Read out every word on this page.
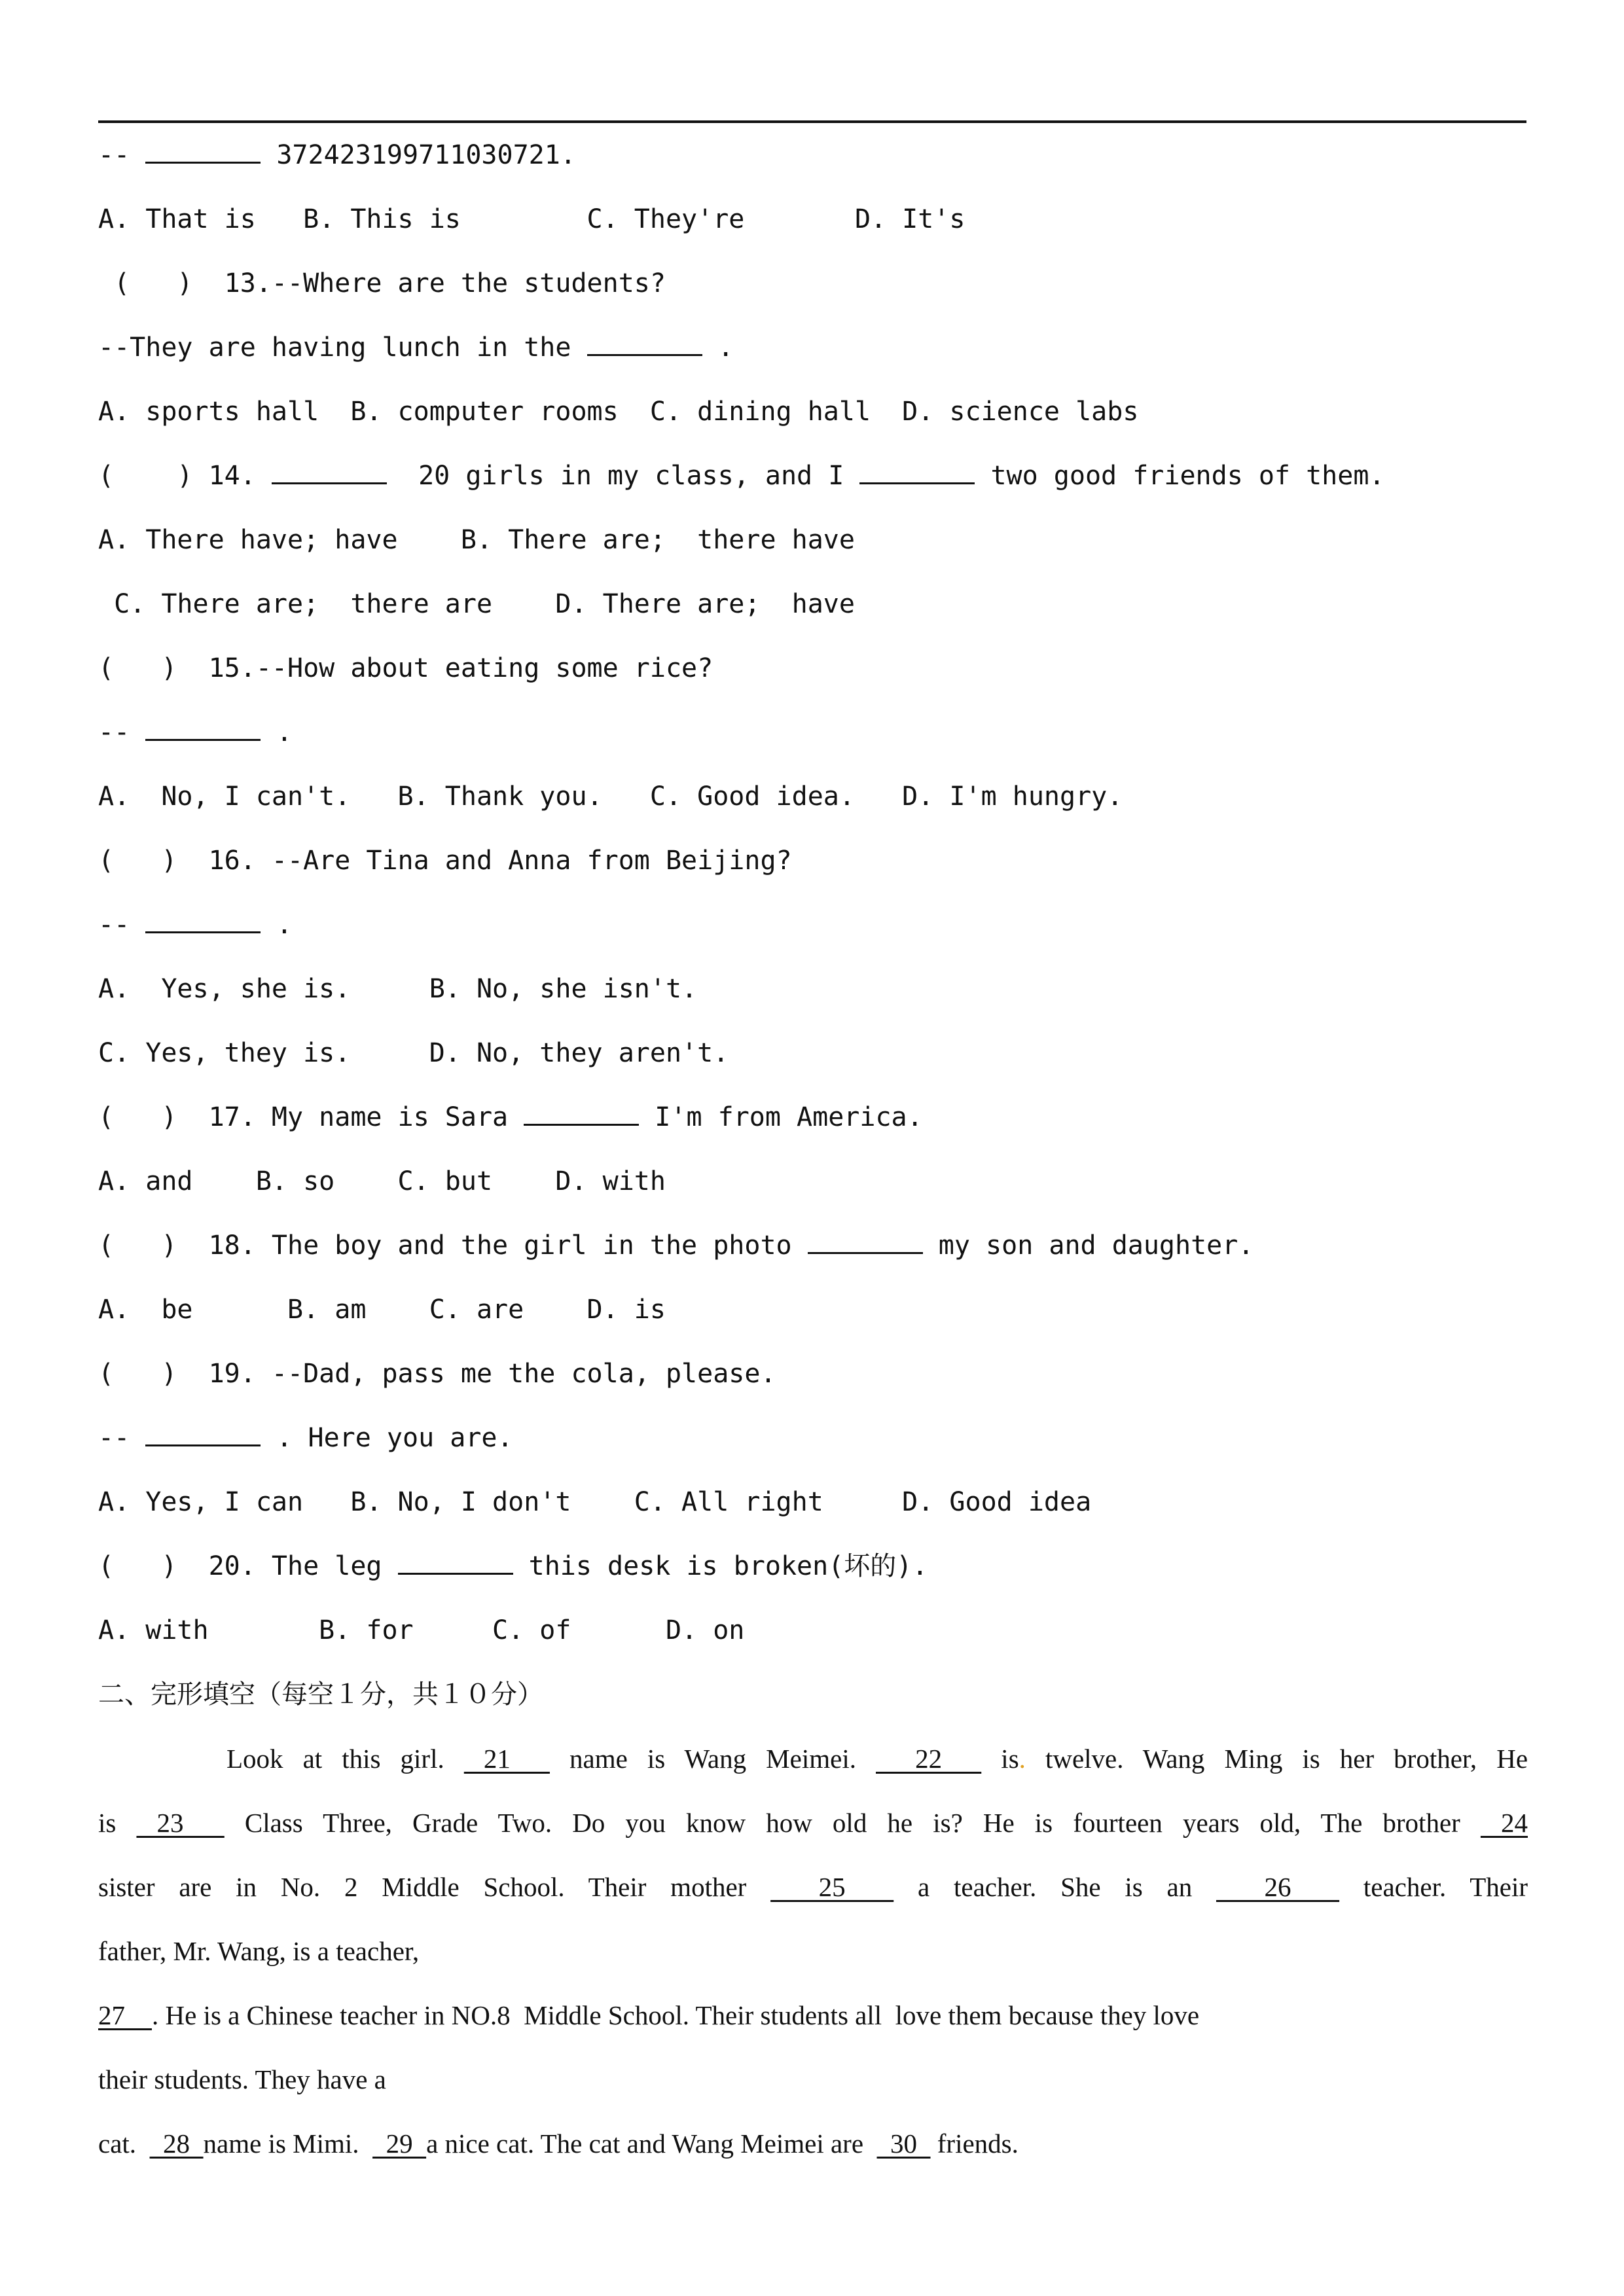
--	372423199711030721.
A. That is   B. This is        C. They're       D. It's
(   )  13.--Where are the students?
--They are having lunch in the	.
A. sports hall  B. computer rooms  C. dining hall  D. science labs
(    ) 14.	20 girls in my class, and I	two good friends of them.
A. There have; have    B. There are;  there have
C. There are;  there are    D. There are;  have
(   )  15.--How about eating some rice?
--	.
A.  No, I can't.   B. Thank you.   C. Good idea.   D. I'm hungry.
(   )  16. --Are Tina and Anna from Beijing?
--	.
A.  Yes, she is.     B. No, she isn't.
C. Yes, they is.     D. No, they aren't.
(   )  17. My name is Sara	I'm from America.
A. and    B. so    C. but    D. with
(   )  18. The boy and the girl in the photo	my son and daughter.
A.  be      B. am    C. are    D. is
(   )  19. --Dad, pass me the cola, please.
--	. Here you are.
A. Yes, I can   B. No, I don't    C. All right     D. Good idea
(   )  20. The leg	this desk is broken(坏的).
A. with       B. for     C. of      D. on
二、完形填空（每空１分，共１０分）
Look at this girl.  21   name is Wang Meimei.   22   is. twelve. Wang Ming is her brother, He
is  23   Class Three, Grade Two. Do you know how old he is? He is fourteen years old, The brother  24
sister are in No. 2 Middle School. Their mother   25   a teacher. She is an   26   teacher. Their
father, Mr. Wang, is a teacher,
27    . He is a Chinese teacher in NO.8  Middle School. Their students all  love them because they love
their students. They have a
cat.    28  name is Mimi.    29  a nice cat. The cat and Wang Meimei are    30   friends.
